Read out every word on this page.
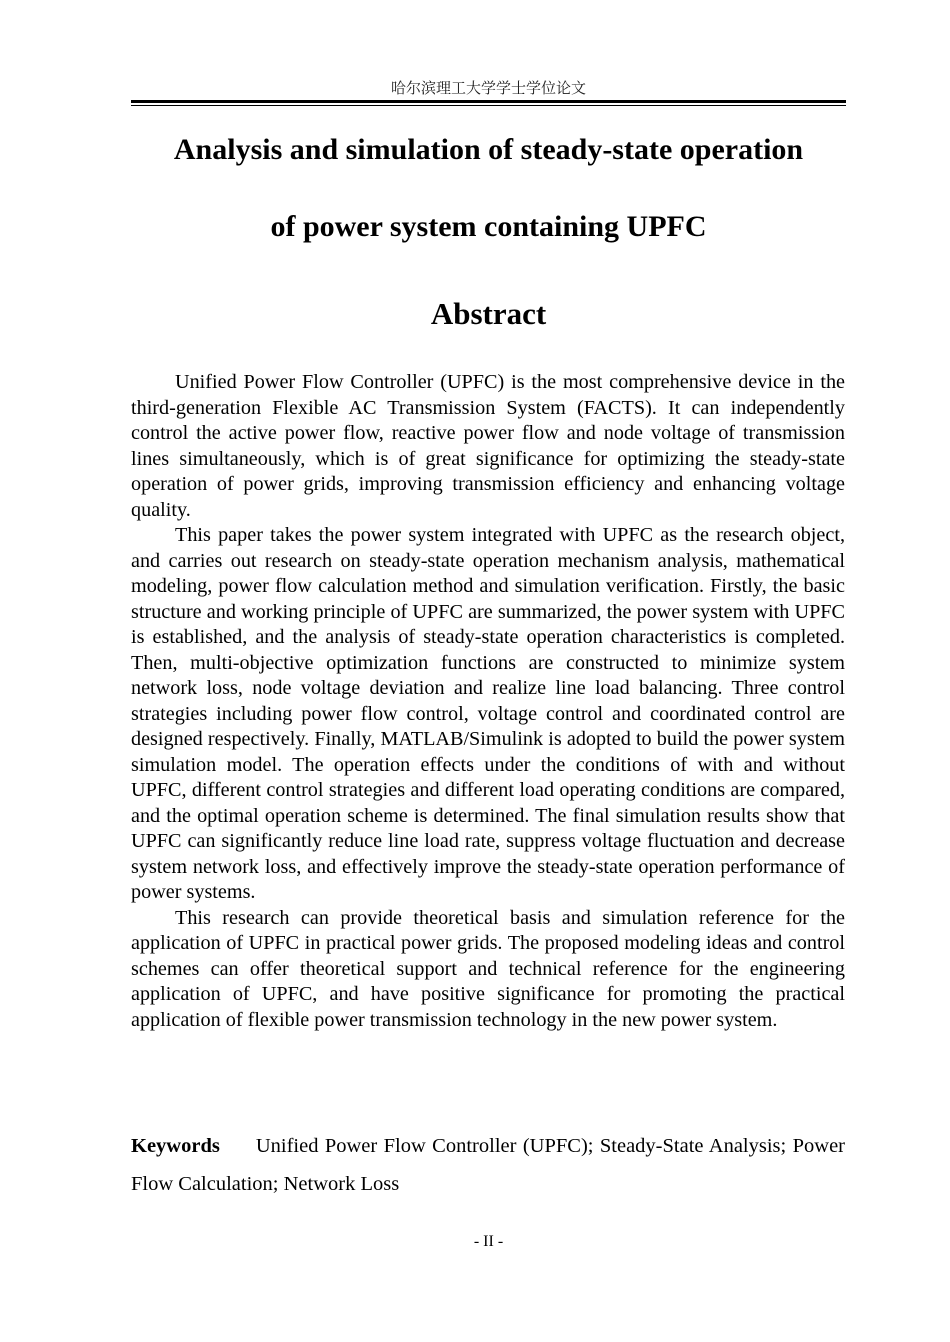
哈尔滨理工大学学士学位论文
Analysis and simulation of steady-state operation
of power system containing UPFC
Abstract

Unified Power Flow Controller (UPFC) is the most comprehensive device in the third-generation Flexible AC Transmission System (FACTS). It can independently control the active power flow, reactive power flow and node voltage of transmission lines simultaneously, which is of great significance for optimizing the steady-state operation of power grids, improving transmission efficiency and enhancing voltage quality.

This paper takes the power system integrated with UPFC as the research object, and carries out research on steady-state operation mechanism analysis, mathematical modeling, power flow calculation method and simulation verification. Firstly, the basic structure and working principle of UPFC are summarized, the power system with UPFC is established, and the analysis of steady-state operation characteristics is completed. Then, multi-objective optimization functions are constructed to minimize system network loss, node voltage deviation and realize line load balancing. Three control strategies including power flow control, voltage control and coordinated control are designed respectively. Finally, MATLAB/Simulink is adopted to build the power system simulation model. The operation effects under the conditions of with and without UPFC, different control strategies and different load operating conditions are compared, and the optimal operation scheme is determined. The final simulation results show that UPFC can significantly reduce line load rate, suppress voltage fluctuation and decrease system network loss, and effectively improve the steady-state operation performance of power systems.

This research can provide theoretical basis and simulation reference for the application of UPFC in practical power grids. The proposed modeling ideas and control schemes can offer theoretical support and technical reference for the engineering application of UPFC, and have positive significance for promoting the practical application of flexible power transmission technology in the new power system.

Keywords Unified Power Flow Controller (UPFC); Steady-State Analysis; Power Flow Calculation; Network Loss
- II -
